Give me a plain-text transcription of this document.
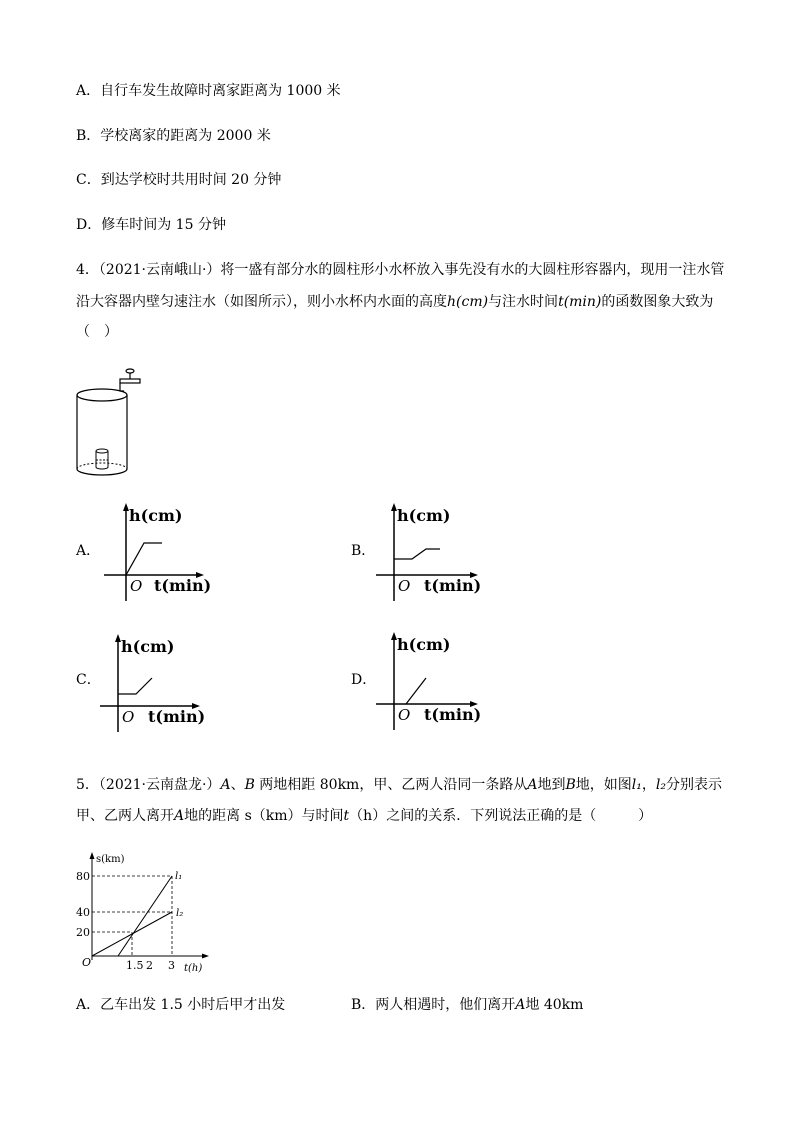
A．自行车发生故障时离家距离为 1000 米
B．学校离家的距离为 2000 米
C．到达学校时共用时间 20 分钟
D．修车时间为 15 分钟
4．（2021·云南峨山·）将一盛有部分水的圆柱形小水杯放入事先没有水的大圆柱形容器内，现用一注水管
沿大容器内壁匀速注水（如图所示），则小水杯内水面的高度h(cm)与注水时间t(min)的函数图象大致为
（　）
A．
h(cm)
O t(min)
B．
h(cm)
O t(min)
C．
h(cm)
O t(min)
D．
h(cm)
O t(min)
5．（2021·云南盘龙·）A、B 两地相距 80km，甲、乙两人沿同一条路从A地到B地，如图l₁，l₂分别表示
甲、乙两人离开A地的距离 s（km）与时间t（h）之间的关系．下列说法正确的是（　　　）
s(km)
80
40
20
O	1.5 2 3 t(h)
l₁
l₂
A．乙车出发 1.5 小时后甲才出发	B．两人相遇时，他们离开A地 40km
